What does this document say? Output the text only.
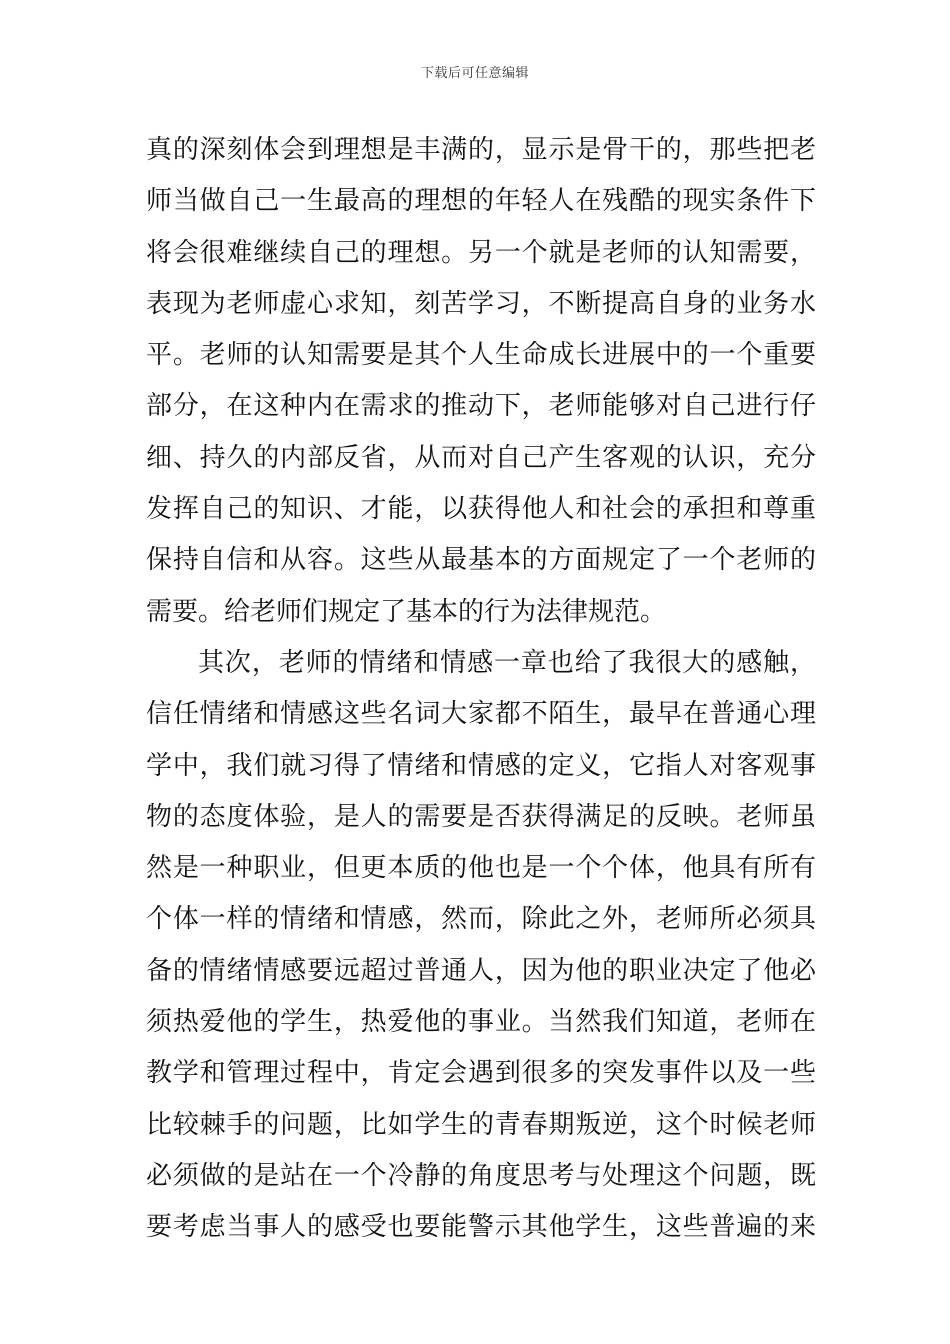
下载后可任意编辑
真的深刻体会到理想是丰满的，显示是骨干的，那些把老
师当做自己一生最高的理想的年轻人在残酷的现实条件下
将会很难继续自己的理想。另一个就是老师的认知需要，
表现为老师虚心求知，刻苦学习，不断提高自身的业务水
平。老师的认知需要是其个人生命成长进展中的一个重要
部分，在这种内在需求的推动下，老师能够对自己进行仔
细、持久的内部反省，从而对自己产生客观的认识，充分
发挥自己的知识、才能，以获得他人和社会的承担和尊重
保持自信和从容。这些从最基本的方面规定了一个老师的
需要。给老师们规定了基本的行为法律规范。
其次，老师的情绪和情感一章也给了我很大的感触，
信任情绪和情感这些名词大家都不陌生，最早在普通心理
学中，我们就习得了情绪和情感的定义，它指人对客观事
物的态度体验，是人的需要是否获得满足的反映。老师虽
然是一种职业，但更本质的他也是一个个体，他具有所有
个体一样的情绪和情感，然而，除此之外，老师所必须具
备的情绪情感要远超过普通人，因为他的职业决定了他必
须热爱他的学生，热爱他的事业。当然我们知道，老师在
教学和管理过程中，肯定会遇到很多的突发事件以及一些
比较棘手的问题，比如学生的青春期叛逆，这个时候老师
必须做的是站在一个冷静的角度思考与处理这个问题，既
要考虑当事人的感受也要能警示其他学生，这些普遍的来
